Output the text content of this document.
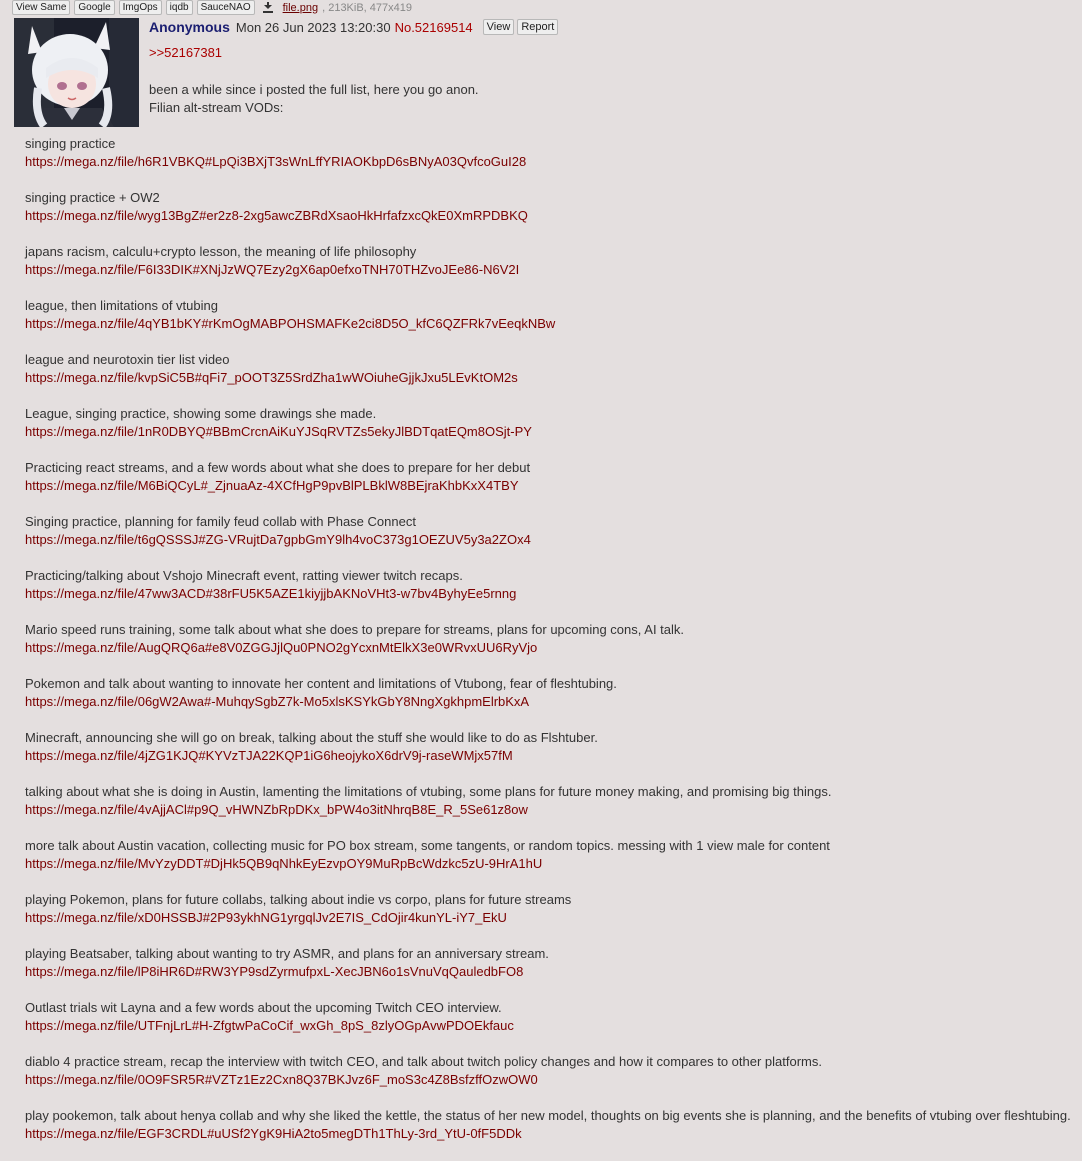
View Same	Google	ImgOps	iqdb	SauceNAO	file.png , 213KiB, 477x419
Anonymous Mon 26 Jun 2023 13:20:30 No.52169514	View	Report
>>52167381
been a while since i posted the full list, here you go anon.
Filian alt-stream VODs:
singing practice
https://mega.nz/file/h6R1VBKQ#LpQi3BXjT3sWnLffYRIAOKbpD6sBNyA03QvfcoGuI28
singing practice + OW2
https://mega.nz/file/wyg13BgZ#er2z8-2xg5awcZBRdXsaoHkHrfafzxcQkE0XmRPDBKQ
japans racism, calculu+crypto lesson, the meaning of life philosophy
https://mega.nz/file/F6I33DIK#XNjJzWQ7Ezy2gX6ap0efxoTNH70THZvoJEe86-N6V2I
league, then limitations of vtubing
https://mega.nz/file/4qYB1bKY#rKmOgMABPOHSMAFKe2ci8D5O_kfC6QZFRk7vEeqkNBw
league and neurotoxin tier list video
https://mega.nz/file/kvpSiC5B#qFi7_pOOT3Z5SrdZha1wWOiuheGjjkJxu5LEvKtOM2s
League, singing practice, showing some drawings she made.
https://mega.nz/file/1nR0DBYQ#BBmCrcnAiKuYJSqRVTZs5ekyJlBDTqatEQm8OSjt-PY
Practicing react streams, and a few words about what she does to prepare for her debut
https://mega.nz/file/M6BiQCyL#_ZjnuaAz-4XCfHgP9pvBlPLBklW8BEjraKhbKxX4TBY
Singing practice, planning for family feud collab with Phase Connect
https://mega.nz/file/t6gQSSSJ#ZG-VRujtDa7gpbGmY9lh4voC373g1OEZUV5y3a2ZOx4
Practicing/talking about Vshojo Minecraft event, ratting viewer twitch recaps.
https://mega.nz/file/47ww3ACD#38rFU5K5AZE1kiyjjbAKNoVHt3-w7bv4ByhyEe5rnng
Mario speed runs training, some talk about what she does to prepare for streams, plans for upcoming cons, AI talk.
https://mega.nz/file/AugQRQ6a#e8V0ZGGJjlQu0PNO2gYcxnMtElkX3e0WRvxUU6RyVjo
Pokemon and talk about wanting to innovate her content and limitations of Vtubong, fear of fleshtubing.
https://mega.nz/file/06gW2Awa#-MuhqySgbZ7k-Mo5xlsKSYkGbY8NngXgkhpmElrbKxA
Minecraft, announcing she will go on break, talking about the stuff she would like to do as Flshtuber.
https://mega.nz/file/4jZG1KJQ#KYVzTJA22KQP1iG6heojykoX6drV9j-raseWMjx57fM
talking about what she is doing in Austin, lamenting the limitations of vtubing, some plans for future money making, and promising big things.
https://mega.nz/file/4vAjjACl#p9Q_vHWNZbRpDKx_bPW4o3itNhrqB8E_R_5Se61z8ow
more talk about Austin vacation, collecting music for PO box stream, some tangents, or random topics. messing with 1 view male for content
https://mega.nz/file/MvYzyDDT#DjHk5QB9qNhkEyEzvpOY9MuRpBcWdzkc5zU-9HrA1hU
playing Pokemon, plans for future collabs, talking about indie vs corpo, plans for future streams
https://mega.nz/file/xD0HSSBJ#2P93ykhNG1yrgqlJv2E7IS_CdOjir4kunYL-iY7_EkU
playing Beatsaber, talking about wanting to try ASMR, and plans for an anniversary stream.
https://mega.nz/file/lP8iHR6D#RW3YP9sdZyrmufpxL-XecJBN6o1sVnuVqQauledbFO8
Outlast trials wit Layna and a few words about the upcoming Twitch CEO interview.
https://mega.nz/file/UTFnjLrL#H-ZfgtwPaCoCif_wxGh_8pS_8zlyOGpAvwPDOEkfauc
diablo 4 practice stream, recap the interview with twitch CEO, and talk about twitch policy changes and how it compares to other platforms.
https://mega.nz/file/0O9FSR5R#VZTz1Ez2Cxn8Q37BKJvz6F_moS3c4Z8BsfzffOzwOW0
play pookemon, talk about henya collab and why she liked the kettle, the status of her new model, thoughts on big events she is planning, and the benefits of vtubing over fleshtubing.
https://mega.nz/file/EGF3CRDL#uUSf2YgK9HiA2to5megDTh1ThLy-3rd_YtU-0fF5DDk
